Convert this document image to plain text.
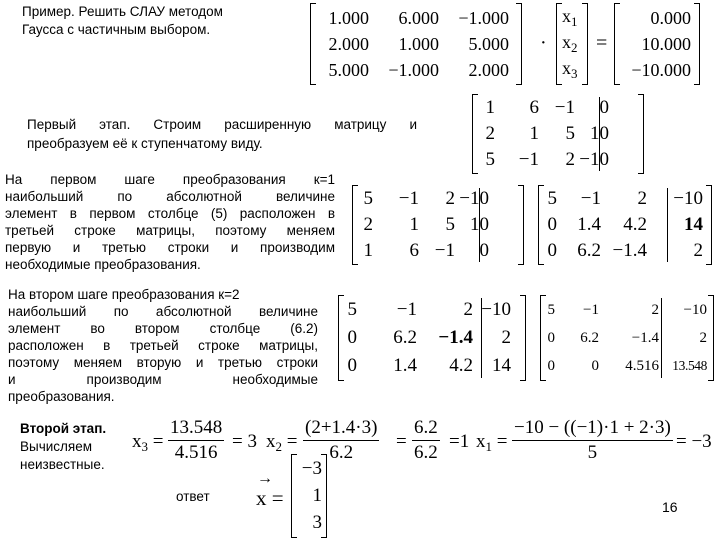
Пример. Решить СЛАУ методом
Гаусса с частичным выбором.
1.000	6.000	−1.000
2.000	1.000	5.000
5.000	−1.000	2.000
·
$x_1$
$x_2$
$x_3$
=
0.000
10.000
−10.000
Первый этап. Строим расширенную матрицу и
преобразуем её к ступенчатому виду.
1	6 −1	0
2	1	5 10
5	−1	2 −10
На первом шаге преобразования к=1
наибольший по абсолютной величине
элемент в первом столбце (5) расположен в
третьей строке матрицы, поэтому меняем
первую и третью строки и производим
необходимые преобразования.
5	−1	2 −10
2	1	5 10
1	6 −1	0
5	−1	2	−10
0	1.4	4.2	14
0	6.2 −1.4	2
На втором шаге преобразования к=2
наибольший по абсолютной величине
элемент во втором столбце (6.2)
расположен в третьей строке матрицы,
поэтому меняем вторую и третью строки
и производим необходимые
преобразования.
5	−1	2 −10
0	6.2	−1.4	2
0	1.4	4.2	14
5	−1	2	−10
0	6.2	−1.4	2
0	0	4.516 13.548
Второй этап.
Вычисляем
неизвестные.
$x_3 = \frac{13.548}{4.516} = 3$ $x_2 = \frac{(2+1.4\cdot 3)}{6.2} = \frac{6.2}{6.2} =1$ $x_1 = \frac{-10 - ((-1)\cdot 1 + 2\cdot 3)}{5} = -3$
ответ
→
x =
−3
1
3
16
